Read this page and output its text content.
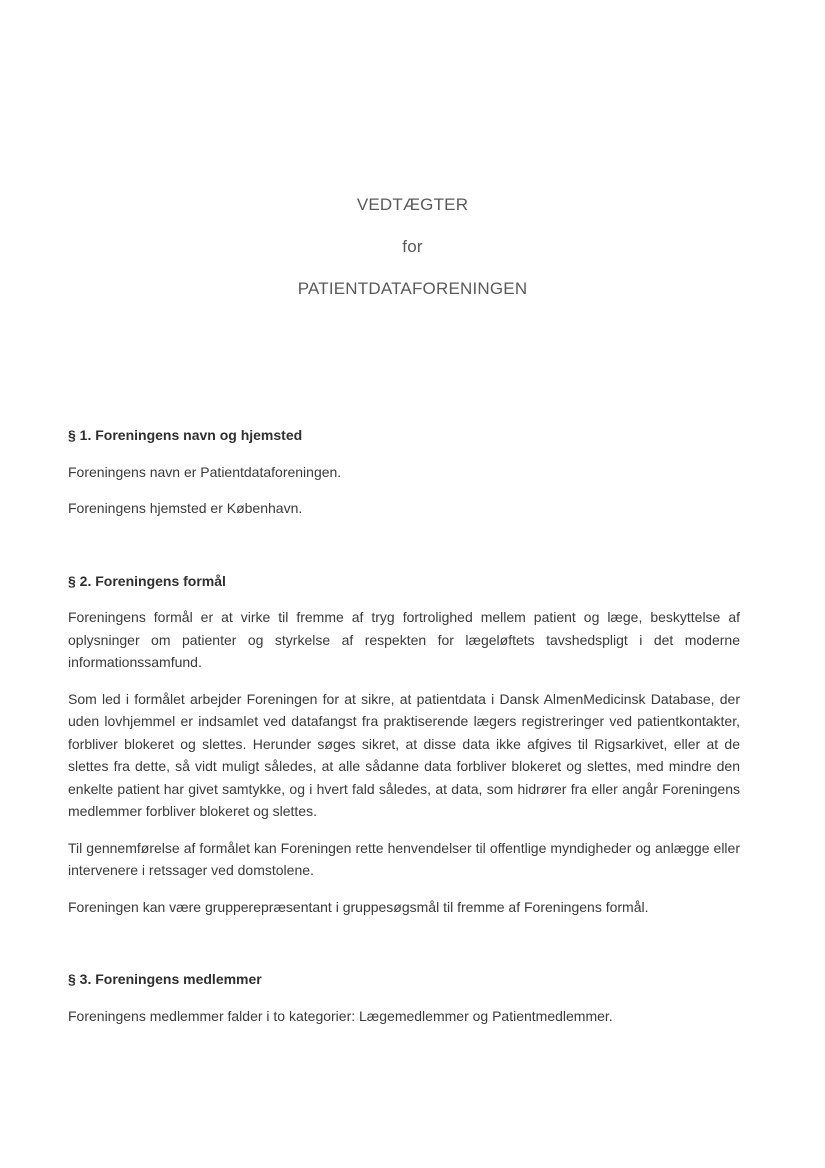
VEDTÆGTER
for
PATIENTDATAFORENINGEN

§ 1. Foreningens navn og hjemsted

Foreningens navn er Patientdataforeningen.

Foreningens hjemsted er København.

§ 2. Foreningens formål

Foreningens formål er at virke til fremme af tryg fortrolighed mellem patient og læge, beskyttelse af oplysninger om patienter og styrkelse af respekten for lægeløftets tavshedspligt i det moderne informationssamfund.

Som led i formålet arbejder Foreningen for at sikre, at patientdata i Dansk AlmenMedicinsk Database, der uden lovhjemmel er indsamlet ved datafangst fra praktiserende lægers registreringer ved patientkontakter, forbliver blokeret og slettes. Herunder søges sikret, at disse data ikke afgives til Rigsarkivet, eller at de slettes fra dette, så vidt muligt således, at alle sådanne data forbliver blokeret og slettes, med mindre den enkelte patient har givet samtykke, og i hvert fald således, at data, som hidrører fra eller angår Foreningens medlemmer forbliver blokeret og slettes.

Til gennemførelse af formålet kan Foreningen rette henvendelser til offentlige myndigheder og anlægge eller intervenere i retssager ved domstolene.

Foreningen kan være grupperepræsentant i gruppesøgsmål til fremme af Foreningens formål.

§ 3. Foreningens medlemmer

Foreningens medlemmer falder i to kategorier: Lægemedlemmer og Patientmedlemmer.
